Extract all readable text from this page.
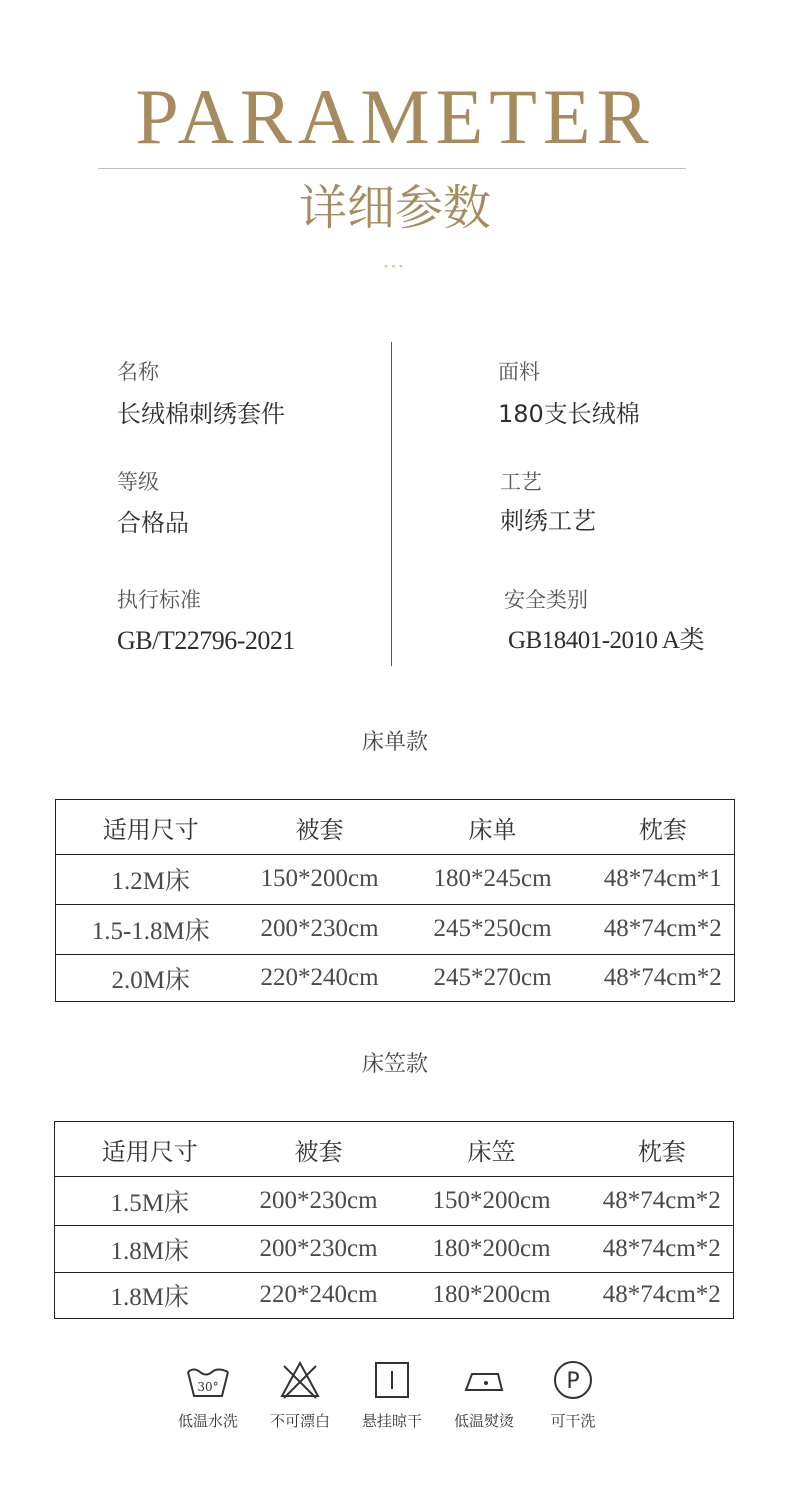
PARAMETER
详细参数
∘∘∘
名称
长绒棉刺绣套件
等级
合格品
执行标准
GB/T22796-2021
面料
180支长绒棉
工艺
刺绣工艺
安全类别
GB18401-2010 A类
床单款
适用尺寸	被套	床单	枕套
1.2M床	150*200cm	180*245cm	48*74cm*1
1.5-1.8M床	200*230cm	245*250cm	48*74cm*2
2.0M床	220*240cm	245*270cm	48*74cm*2
床笠款
适用尺寸	被套	床笠	枕套
1.5M床	200*230cm	150*200cm	48*74cm*2
1.8M床	200*230cm	180*200cm	48*74cm*2
1.8M床	220*240cm	180*200cm	48*74cm*2
30°
低温水洗	不可漂白	悬挂晾干	低温熨烫
P
可干洗
